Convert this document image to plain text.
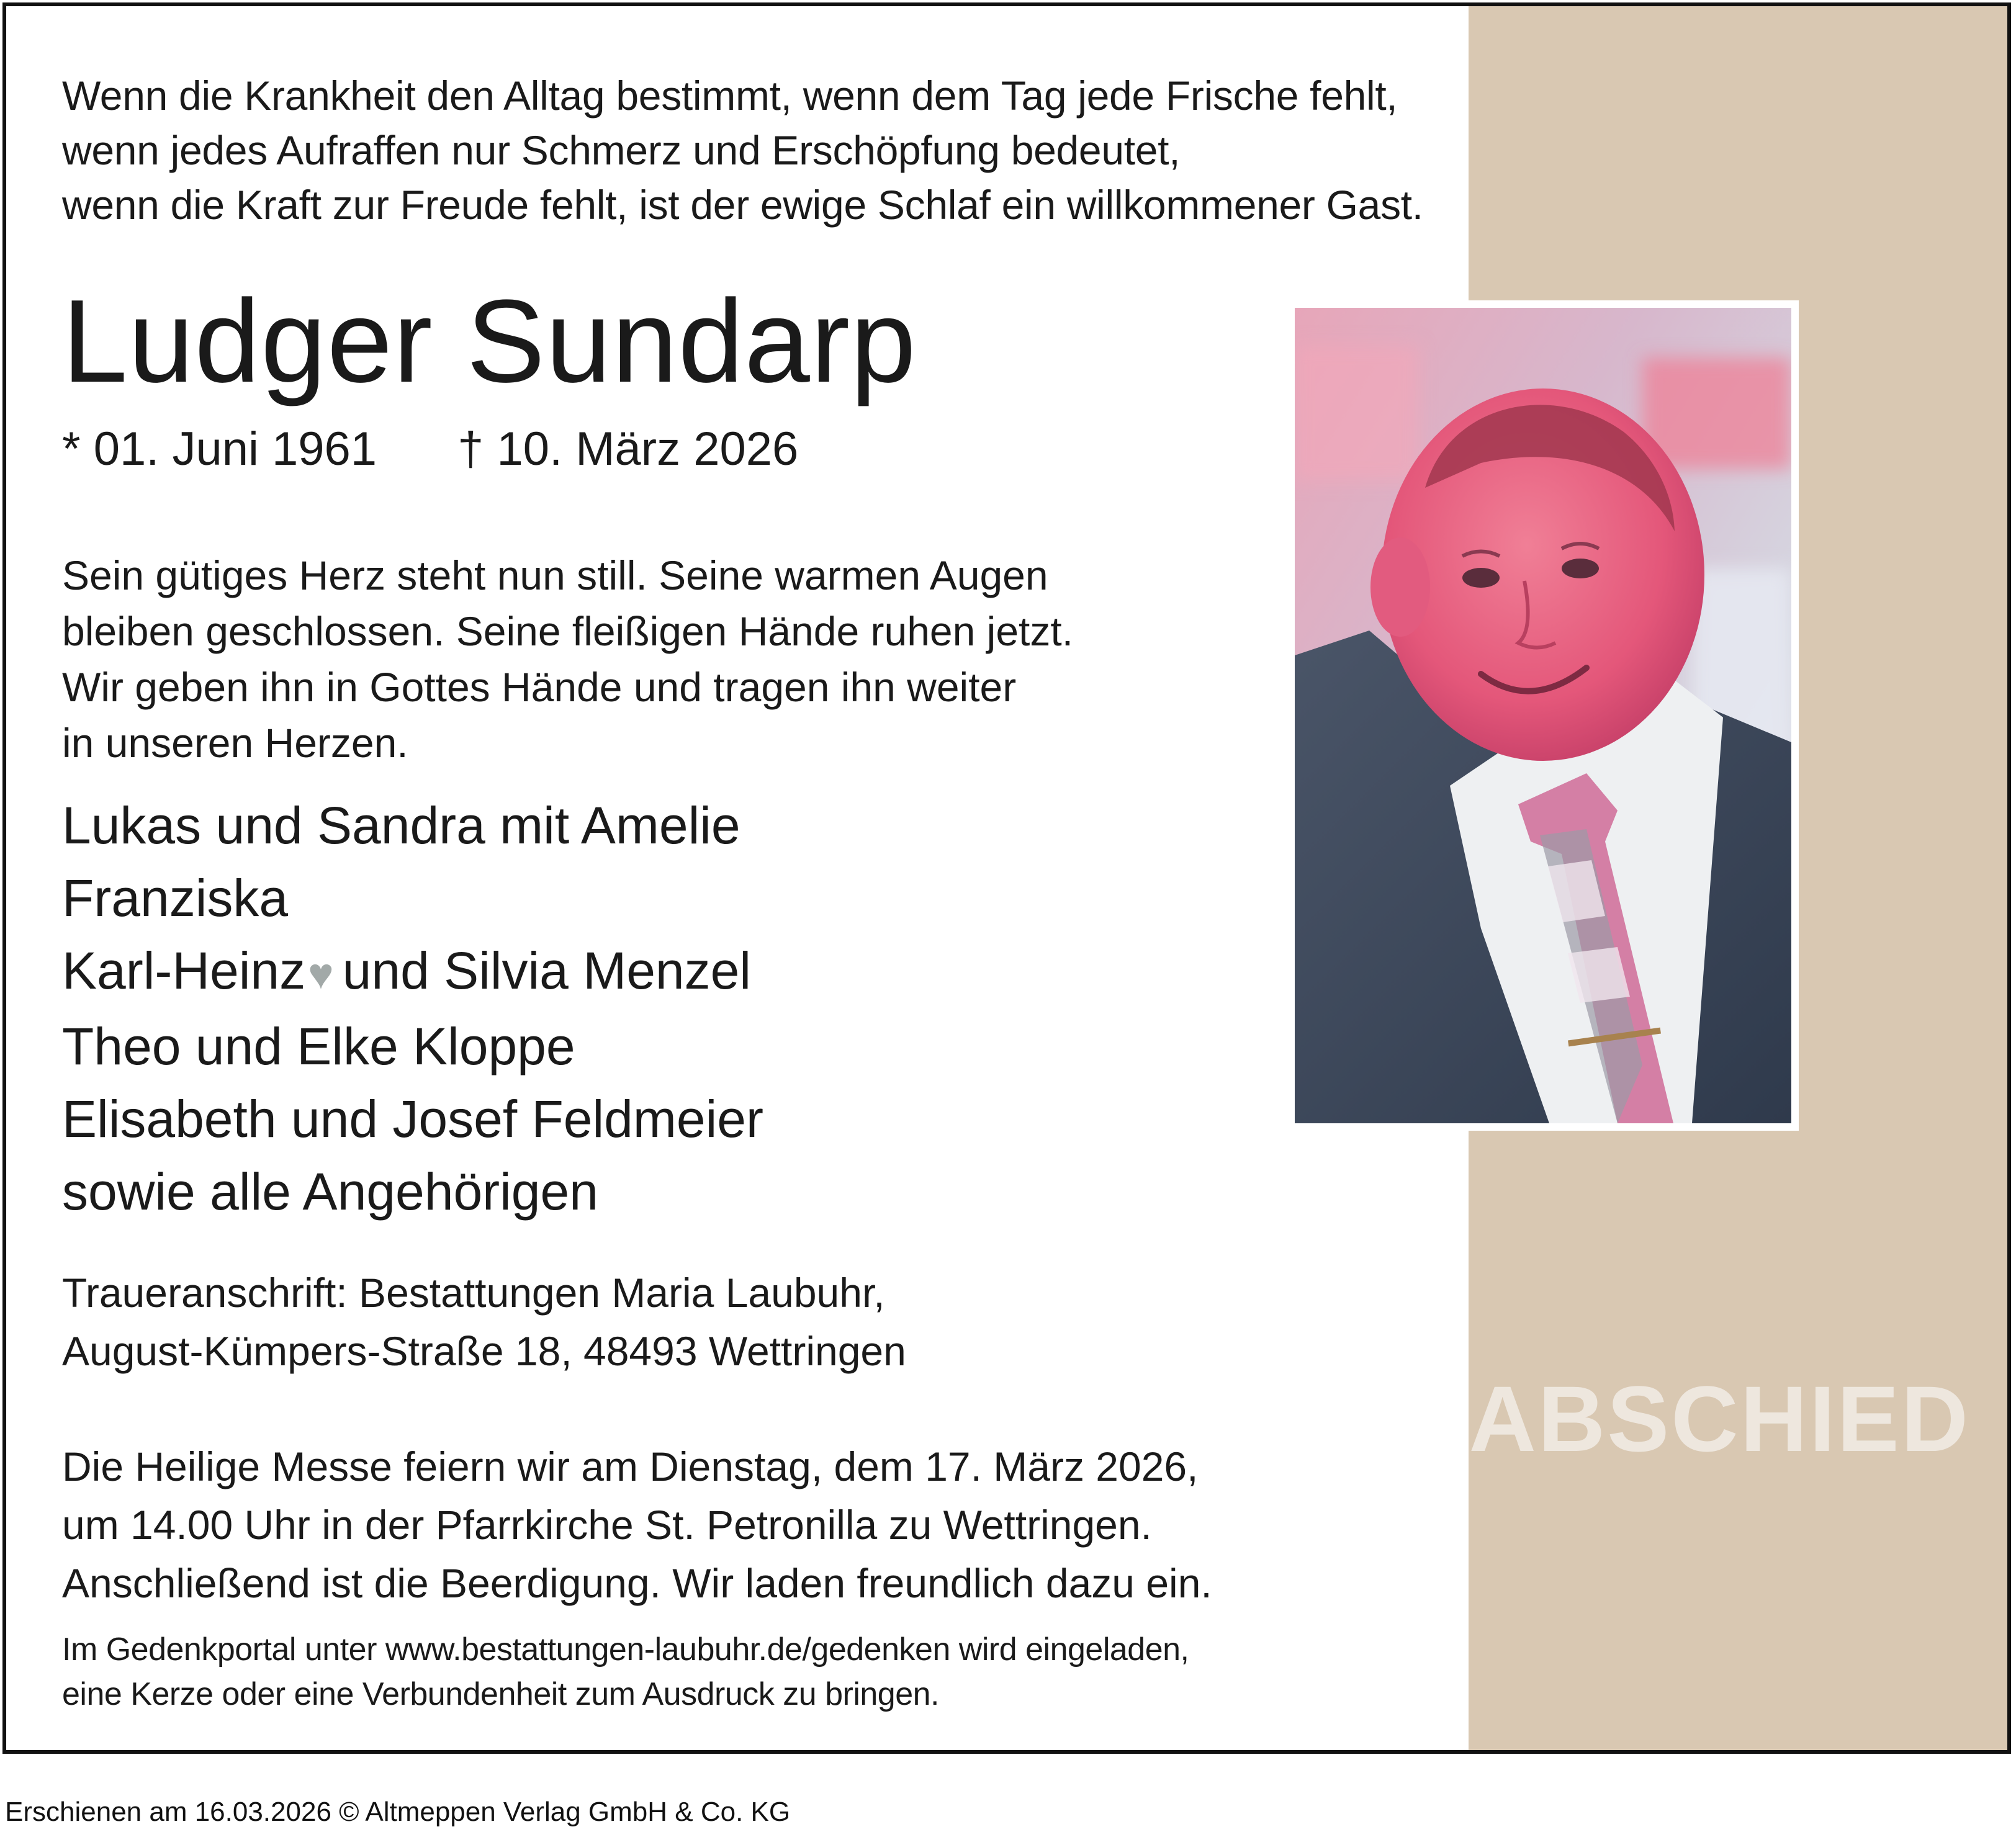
Wenn die Krankheit den Alltag bestimmt, wenn dem Tag jede Frische fehlt,
wenn jedes Aufraffen nur Schmerz und Erschöpfung bedeutet,
wenn die Kraft zur Freude fehlt, ist der ewige Schlaf ein willkommener Gast.
Ludger Sundarp
* 01. Juni 1961 † 10. März 2026
Sein gütiges Herz steht nun still. Seine warmen Augen
bleiben geschlossen. Seine fleißigen Hände ruhen jetzt.
Wir geben ihn in Gottes Hände und tragen ihn weiter
in unseren Herzen.
Lukas und Sandra mit Amelie
Franziska
Karl-Heinz♥ und Silvia Menzel
Theo und Elke Kloppe
Elisabeth und Josef Feldmeier
sowie alle Angehörigen
Traueranschrift: Bestattungen Maria Laubuhr,
August-Kümpers-Straße 18, 48493 Wettringen
Die Heilige Messe feiern wir am Dienstag, dem 17. März 2026,
um 14.00 Uhr in der Pfarrkirche St. Petronilla zu Wettringen.
Anschließend ist die Beerdigung. Wir laden freundlich dazu ein.
Im Gedenkportal unter www.bestattungen-laubuhr.de/gedenken wird eingeladen,
eine Kerze oder eine Verbundenheit zum Ausdruck zu bringen.
ABSCHIED
Erschienen am 16.03.2026 © Altmeppen Verlag GmbH & Co. KG
